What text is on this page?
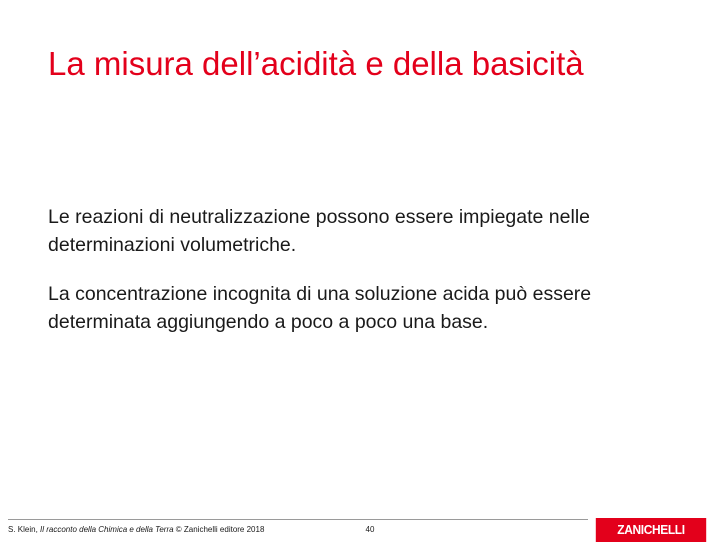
La misura dell’acidità e della basicità

Le reazioni di neutralizzazione possono essere impiegate nelle determinazioni volumetriche.

La concentrazione incognita di una soluzione acida può essere determinata aggiungendo a poco a poco una base.

S. Klein, Il racconto della Chimica e della Terra © Zanichelli editore 2018	40	ZANICHELLI
